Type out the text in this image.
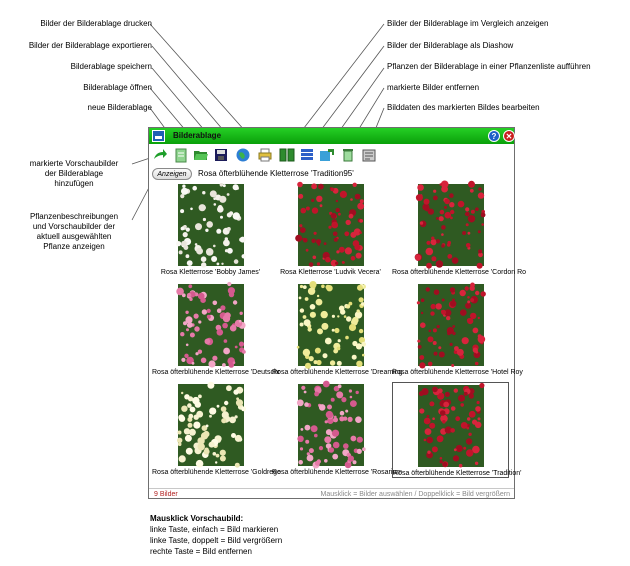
Bilder der Bilderablage drucken
Bilder der Bilderablage exportieren
Bilderablage speichern
Bilderablage öffnen
neue Bilderablage
Bilder der Bilderablage im Vergleich anzeigen
Bilder der Bilderablage als Diashow
Pflanzen der Bilderablage in einer Pflanzenliste aufführen
markierte Bilder entfernen
Bilddaten des markierten Bildes bearbeiten
markierte Vorschaubilder
der Bilderablage
hinzufügen
Pflanzenbeschreibungen
und Vorschaubilder der
aktuell ausgewählten
Pflanze anzeigen
Bilderablage	?	✕
Anzeigen	Rosa öfterblühende Kletterrose 'Tradition95'
Rosa Kletterrose 'Bobby James'	Rosa Kletterrose 'Ludvik Vecera'	Rosa öfterblühende Kletterrose 'Cordon Ro
Rosa öfterblühende Kletterrose 'Deutschr
Rosa öfterblühende Kletterrose 'Dreaming
Rosa öfterblühende Kletterrose 'Hotel Roy
Rosa öfterblühende Kletterrose 'Goldrege
Rosa öfterblühende Kletterrose 'Rosarium
Rosa öfterblühende Kletterrose 'Tradition'
9 Bilder	Mausklick = Bilder auswählen / Doppelklick = Bild vergrößern
Mausklick Vorschaubild:
linke Taste, einfach = Bild markieren
linke Taste, doppelt = Bild vergrößern
rechte Taste = Bild entfernen
